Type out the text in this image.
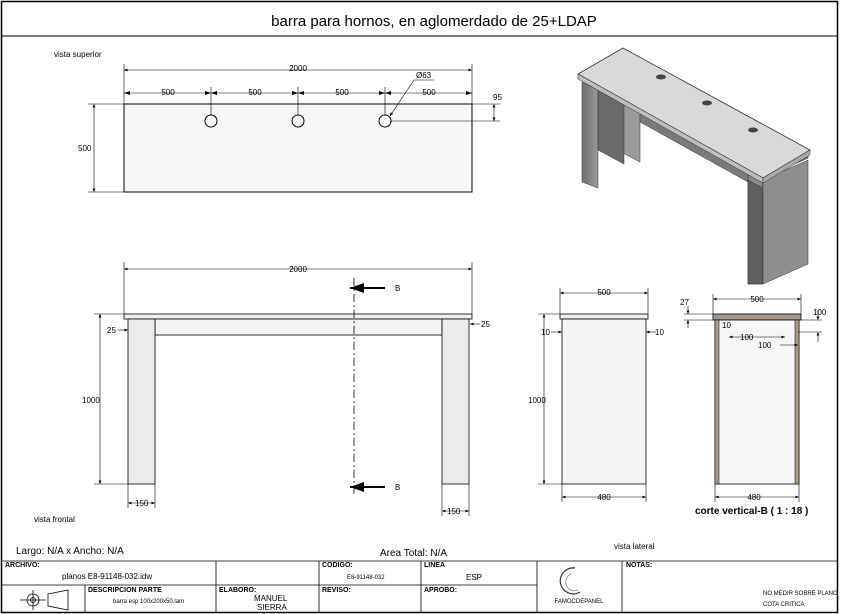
barra para hornos, en aglomerdado de 25+LDAP
vista superior
2000
500	500	500	500
Ø63
95
500
2000
1000
25
25
150
150
B
B
vista frontal
500
10	10
1000
480
vista lateral
500
27
10
100
100
100
480
corte vertical-B ( 1 : 18 )
Largo: N/A x Ancho: N/A	Area Total: N/A
FAMOCDEPANEL
ARCHIVO:
planos E8-91148-032.idw
CODIGO:
E8-91148-032
LINEA
ESP
DESCRIPCION PARTE
barra esp 100x200x50.lam
ELABORO:
MANUEL
SIERRA
REVISO:	APROBO:
NOTAS:
NO MEDIR SOBRE PLANO
COTA CRITICA
